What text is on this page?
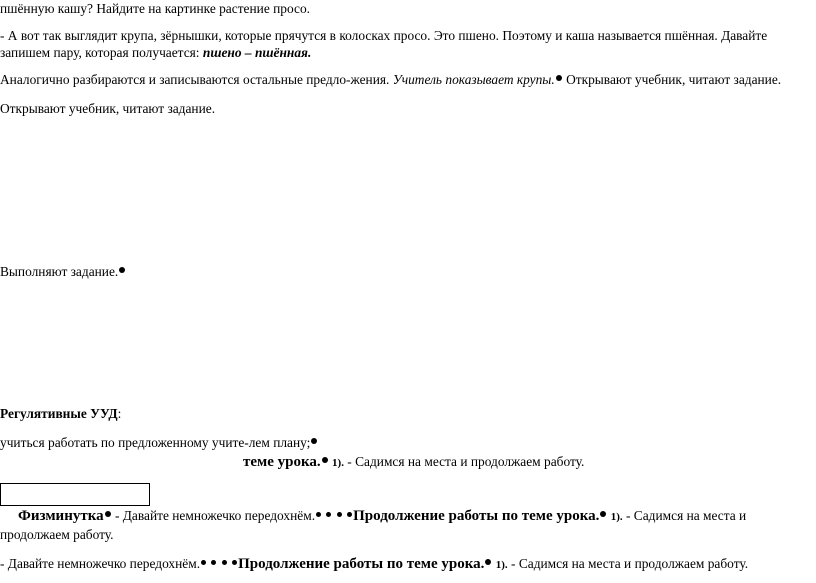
пшённую кашу? Найдите на картинке растение просо.
- А вот так выглядит крупа, зёрнышки, которые прячутся в колосках просо. Это пшено. Поэтому и каша называется пшённая. Давайте запишем пару, которая получается: пшено – пшённая.
Аналогично разбираются и записываются остальные предло-жения. Учитель показывает крупы. Открывают учебник, читают задание.
Открывают учебник, читают задание.
Выполняют задание.
Регулятивные УУД:
учиться работать по предложенному учите-лем плану;
теме урока. 1). - Садимся на места и продолжаем работу.
Физминутка - Давайте немножечко передохнём.	Продолжение работы по теме урока. 1). - Садимся на места и продолжаем работу.
- Давайте немножечко передохнём.	Продолжение работы по теме урока. 1). - Садимся на места и продолжаем работу.
